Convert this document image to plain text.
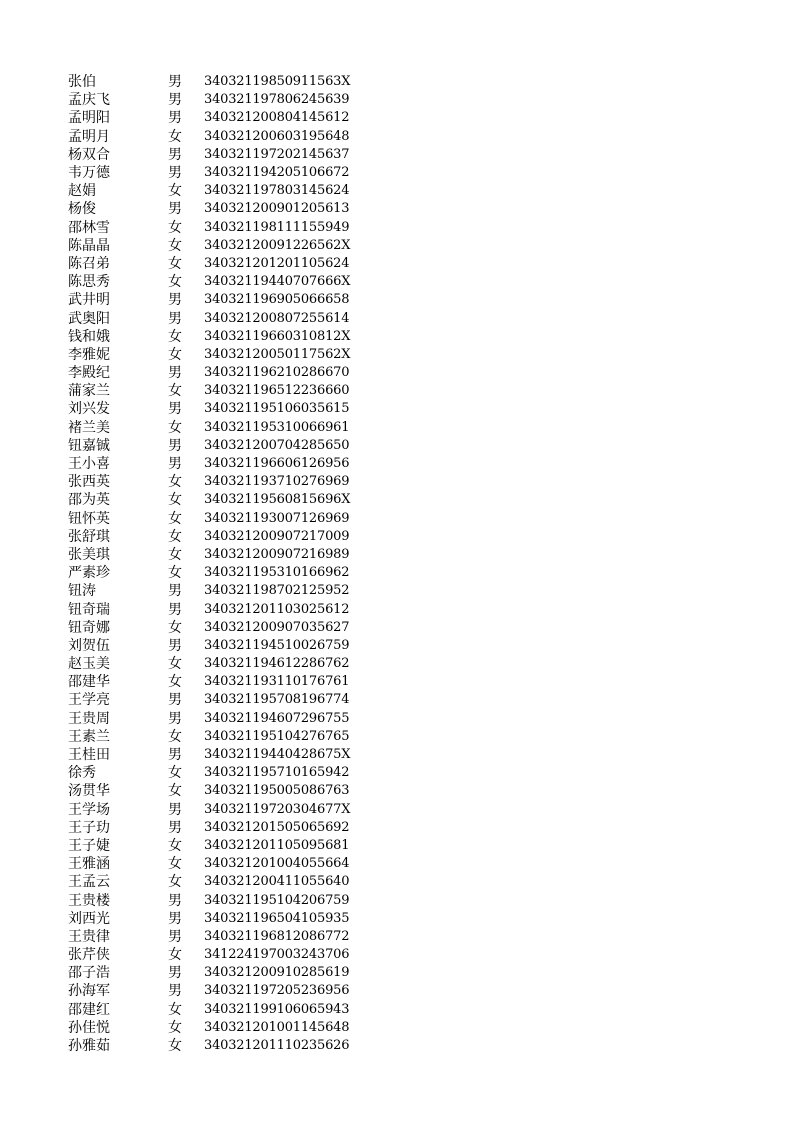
张伯	男	34032119850911563X
孟庆飞	男	340321197806245639
孟明阳	男	340321200804145612
孟明月	女	340321200603195648
杨双合	男	340321197202145637
韦万德	男	340321194205106672
赵娟	女	340321197803145624
杨俊	男	340321200901205613
邵林雪	女	340321198111155949
陈晶晶	女	34032120091226562X
陈召弟	女	340321201201105624
陈思秀	女	34032119440707666X
武井明	男	340321196905066658
武奥阳	男	340321200807255614
钱和娥	女	34032119660310812X
李雅妮	女	34032120050117562X
李殿纪	男	340321196210286670
蒲家兰	女	340321196512236660
刘兴发	男	340321195106035615
褚兰美	女	340321195310066961
钮嘉铖	男	340321200704285650
王小喜	男	340321196606126956
张西英	女	340321193710276969
邵为英	女	34032119560815696X
钮怀英	女	340321193007126969
张舒琪	女	340321200907217009
张美琪	女	340321200907216989
严素珍	女	340321195310166962
钮涛	男	340321198702125952
钮奇瑞	男	340321201103025612
钮奇娜	女	340321200907035627
刘贺伍	男	340321194510026759
赵玉美	女	340321194612286762
邵建华	女	340321193110176761
王学亮	男	340321195708196774
王贵周	男	340321194607296755
王素兰	女	340321195104276765
王桂田	男	34032119440428675X
徐秀	女	340321195710165942
汤贯华	女	340321195005086763
王学场	男	34032119720304677X
王子玏	男	340321201505065692
王子婕	女	340321201105095681
王雅涵	女	340321201004055664
王孟云	女	340321200411055640
王贵楼	男	340321195104206759
刘西光	男	340321196504105935
王贵律	男	340321196812086772
张芹侠	女	341224197003243706
邵子浩	男	340321200910285619
孙海军	男	340321197205236956
邵建红	女	340321199106065943
孙佳悦	女	340321201001145648
孙雅茹	女	340321201110235626
